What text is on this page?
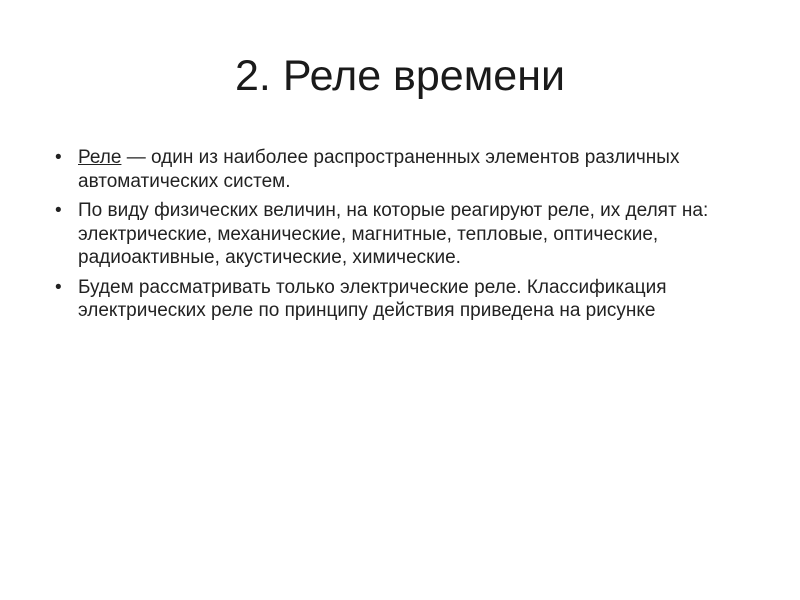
2. Реле времени
• Реле — один из наиболее распространенных элементов различных автоматических систем.
• По виду физических величин, на которые реагируют реле, их делят на: электрические, механические, магнитные, тепловые, оптические, радиоактивные, акустические, химические.
• Будем рассматривать только электрические реле. Классификация электрических реле по принципу действия приведена на рисунке
